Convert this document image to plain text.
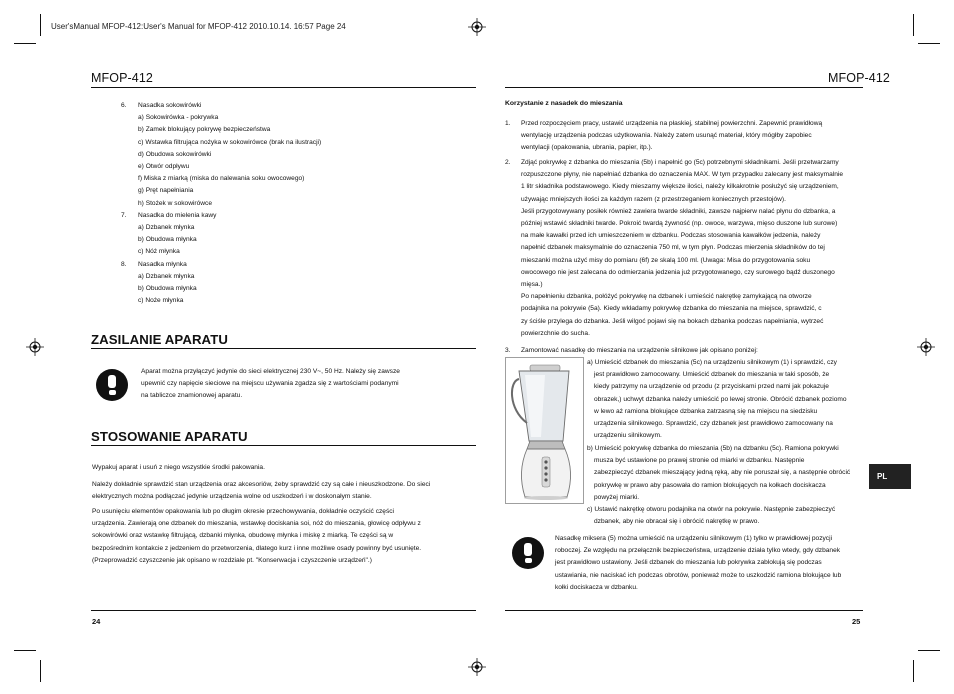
User'sManual MFOP-412:User's Manual for MFOP-412 2010.10.14. 16:57 Page 24
MFOP-412
6. Nasadka sokowirówki
a) Sokowirówka - pokrywka
b) Zamek blokujący pokrywę bezpieczeństwa
c) Wstawka filtrująca nożyka w sokowirówce (brak na ilustracji)
d) Obudowa sokowirówki
e) Otwór odpływu
f) Miska z miarką (miska do nalewania soku owocowego)
g) Pręt napełniania
h) Stożek w sokowirówce
7. Nasadka do mielenia kawy
a) Dzbanek młynka
b) Obudowa młynka
c) Nóż młynka
8. Nasadka młynka
a) Dzbanek młynka
b) Obudowa młynka
c) Noże młynka
ZASILANIE APARATU
Aparat można przyłączyć jedynie do sieci elektrycznej 230 V~, 50 Hz. Należy się zawsze
upewnić czy napięcie sieciowe na miejscu używania zgadza się z wartościami podanymi
na tabliczce znamionowej aparatu.
STOSOWANIE APARATU
Wypakuj aparat i usuń z niego wszystkie środki pakowania.
Należy dokładnie sprawdzić stan urządzenia oraz akcesoriów, żeby sprawdzić czy są całe i nieuszkodzone. Do sieci
elektrycznych można podłączać jedynie urządzenia wolne od uszkodzeń i w doskonałym stanie.
Po usunięciu elementów opakowania lub po długim okresie przechowywania, dokładnie oczyścić części
urządzenia. Zawierają one dzbanek do mieszania, wstawkę dociskania soi, nóż do mieszania, głowicę odpływu z
sokowirówki oraz wstawkę filtrującą, dzbanki młynka, obudowę młynka i miskę z miarką. Te części są w
bezpośrednim kontakcie z jedzeniem do przetworzenia, dlatego kurz i inne możliwe osady powinny być usunięte.
(Przeprowadzić czyszczenie jak opisano w rozdziale pt. "Konserwacja i czyszczenie urządzeń".)
24
MFOP-412
Korzystanie z nasadek do mieszania
1. Przed rozpoczęciem pracy, ustawić urządzenia na płaskiej, stabilnej powierzchni. Zapewnić prawidłową
wentylację urządzenia podczas użytkowania. Należy zatem usunąć materiał, który mógłby zapobiec
wentylacji (opakowania, ubrania, papier, itp.).
2. Zdjąć pokrywkę z dzbanka do mieszania (5b) i napełnić go (5c) potrzebnymi składnikami. Jeśli przetwarzamy
rozpuszczone płyny, nie napełniać dzbanka do oznaczenia MAX. W tym przypadku zalecany jest maksymalnie
1 litr składnika podstawowego. Kiedy mieszamy większe ilości, należy kilkakrotnie posłużyć się urządzeniem,
używając mniejszych ilości za każdym razem (z przestrzeganiem koniecznych przestojów).
Jeśli przygotowywany posiłek również zawiera twarde składniki, zawsze najpierw nalać płynu do dzbanka, a
później wstawić składniki twarde. Pokroić twardą żywność (np. owoce, warzywa, mięso duszone lub surowe)
na małe kawałki przed ich umieszczeniem w dzbanku. Podczas stosowania kawałków jedzenia, należy
napełnić dzbanek maksymalnie do oznaczenia 750 ml, w tym płyn. Podczas mierzenia składników do tej
mieszanki można użyć misy do pomiaru (6f) ze skalą 100 ml. (Uwaga: Misa do przygotowania soku
owocowego nie jest zalecana do odmierzania jedzenia już przygotowanego, czy surowego bądź duszonego
mięsa.)
Po napełnieniu dzbanka, połóżyć pokrywkę na dzbanek i umieścić nakrętkę zamykającą na otworze
podajnika na pokrywie (5a). Kiedy wkładamy pokrywkę dzbanka do mieszania na miejsce, sprawdzić, c
zy ściśle przylega do dzbanka. Jeśli wilgoć pojawi się na bokach dzbanka podczas napełniania, wytrzeć
powierzchnie do sucha.
3.	Zamontować nasadkę do mieszania na urządzenie silnikowe jak opisano poniżej:
a) Umieścić dzbanek do mieszania (5c) na urządzeniu silnikowym (1) i sprawdzić, czy
jest prawidłowo zamocowany. Umieścić dzbanek do mieszania w taki sposób, że
kiedy patrzymy na urządzenie od przodu (z przyciskami przed nami jak pokazuje
obrazek,) uchwyt dzbanka należy umieścić po lewej stronie. Obrócić dzbanek poziomo
w lewo aż ramiona blokujące dzbanka zatrzasną się na miejscu na siedzisku
urządzenia silnikowego. Sprawdzić, czy dzbanek jest prawidłowo zamocowany na
urządzeniu silnikowym.
b) Umieścić pokrywkę dzbanka do mieszania (5b) na dzbanku (5c). Ramiona pokrywki
musza być ustawione po prawej stronie od miarki w dzbanku. Następnie
zabezpieczyć dzbanek mieszający jedną ręką, aby nie poruszał się, a następnie obrócić
pokrywkę w prawo aby pasowała do ramion blokujących na kołkach dociskacza
powyżej miarki.
c) Ustawić nakrętkę otworu podajnika na otwór na pokrywie. Następnie zabezpieczyć
dzbanek, aby nie obracał się i obrócić nakrętkę w prawo.
Nasadkę miksera (5) można umieścić na urządzeniu silnikowym (1) tylko w prawidłowej pozycji
roboczej. Ze względu na przełącznik bezpieczeństwa, urządzenie działa tylko wtedy, gdy dzbanek
jest prawidłowo ustawiony. Jeśli dzbanek do mieszania lub pokrywka zablokują się podczas
ustawiania, nie naciskać ich podczas obrotów, ponieważ może to uszkodzić ramiona blokujące lub
kołki dociskacza w dzbanku.
PL
25
